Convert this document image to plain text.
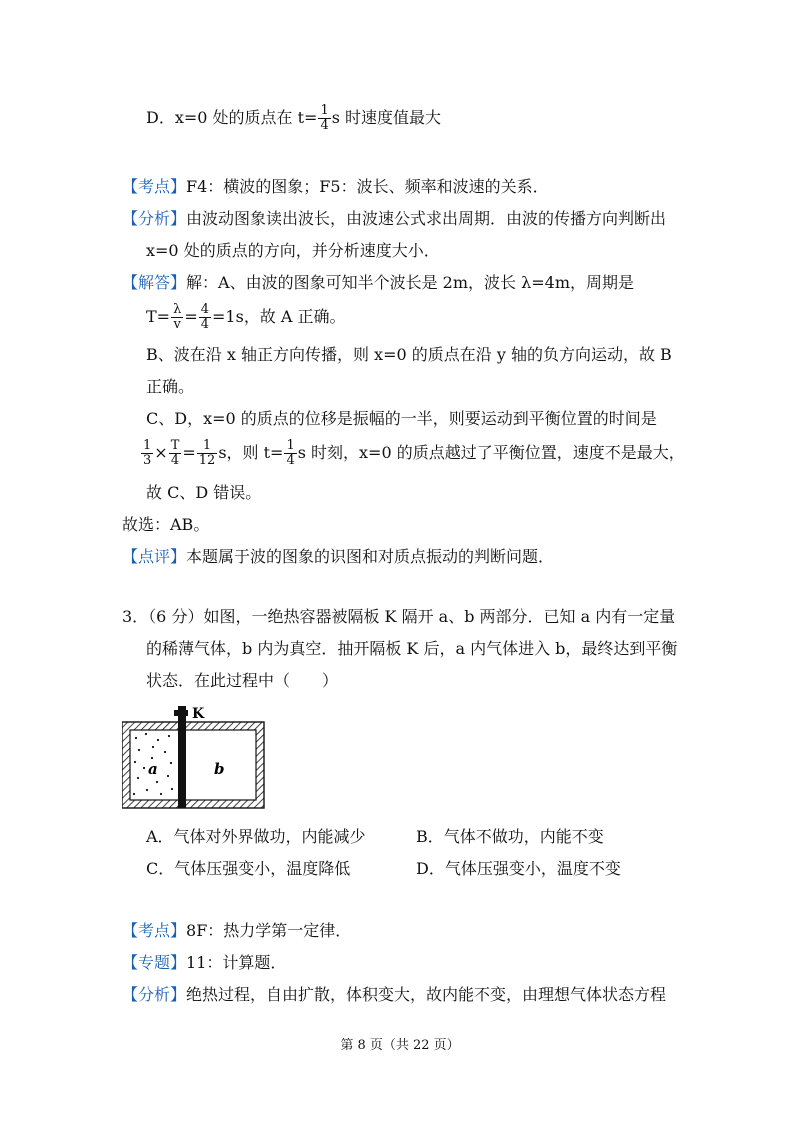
D．x=0 处的质点在 $t= \frac{1}{4}$ s 时速度值最大
【考点】F4：横波的图象；F5：波长、频率和波速的关系．
【分析】由波动图象读出波长，由波速公式求出周期．由波的传播方向判断出
x=0 处的质点的方向，并分析速度大小．
【解答】解：A、由波的图象可知半个波长是 2m，波长 λ=4m，周期是
$T= \frac{\lambda}{v} = \frac{4}{4} =1s$，故 A 正确。
B、波在沿 x 轴正方向传播，则 x=0 的质点在沿 y 轴的负方向运动，故 B
正确。
C、D，x=0 的质点的位移是振幅的一半，则要运动到平衡位置的时间是
$\frac{1}{3} \times \frac{T}{4} = \frac{1}{12}$ s，则 $t= \frac{1}{4}$ s 时刻，x=0 的质点越过了平衡位置，速度不是最大，
故 C、D 错误。
故选：AB。
【点评】本题属于波的图象的识图和对质点振动的判断问题．
3．（6 分）如图，一绝热容器被隔板 K 隔开 a、b 两部分．已知 a 内有一定量
的稀薄气体，b 内为真空．抽开隔板 K 后，a 内气体进入 b，最终达到平衡
状态．在此过程中（　　）
K
a	b
A．气体对外界做功，内能减少	B．气体不做功，内能不变
C．气体压强变小，温度降低	D．气体压强变小，温度不变
【考点】8F：热力学第一定律．
【专题】11：计算题．
【分析】绝热过程，自由扩散，体积变大，故内能不变，由理想气体状态方程
第 8 页（共 22 页）
